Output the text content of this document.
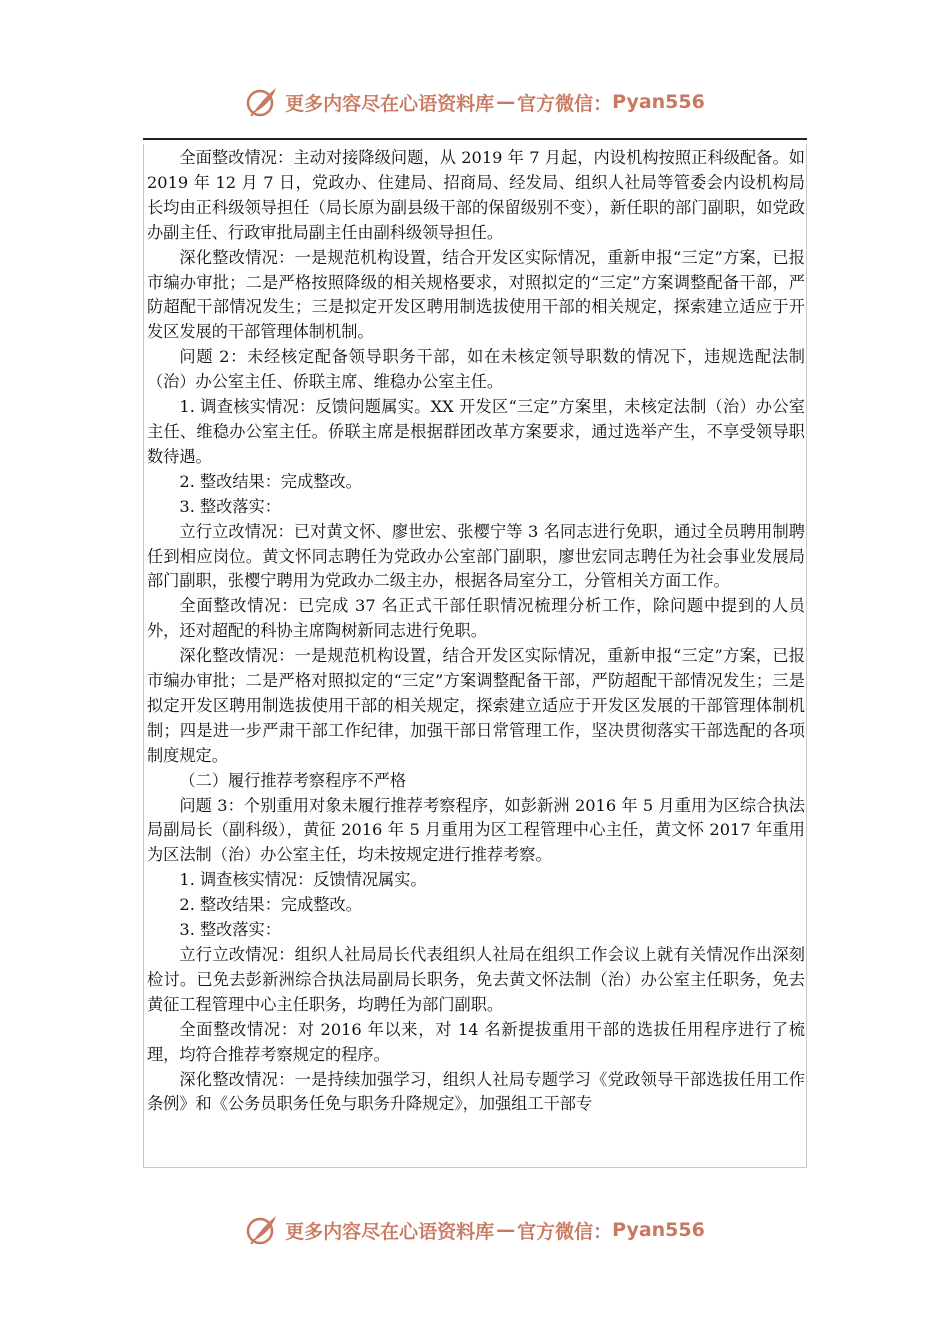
更多内容尽在心语资料库 — 官方微信： Pyan556

全面整改情况：主动对接降级问题，从 2019 年 7 月起，内设机构按照正科级配备。如 2019 年 12 月 7 日，党政办、住建局、招商局、经发局、组织人社局等管委会内设机构局长均由正科级领导担任（局长原为副县级干部的保留级别不变），新任职的部门副职，如党政办副主任、行政审批局副主任由副科级领导担任。

深化整改情况：一是规范机构设置，结合开发区实际情况，重新申报“三定”方案，已报市编办审批；二是严格按照降级的相关规格要求，对照拟定的“三定”方案调整配备干部，严防超配干部情况发生；三是拟定开发区聘用制选拔使用干部的相关规定，探索建立适应于开发区发展的干部管理体制机制。

问题 2：未经核定配备领导职务干部，如在未核定领导职数的情况下，违规选配法制（治）办公室主任、侨联主席、维稳办公室主任。

1. 调查核实情况：反馈问题属实。XX 开发区“三定”方案里，未核定法制（治）办公室主任、维稳办公室主任。侨联主席是根据群团改革方案要求，通过选举产生，不享受领导职数待遇。

2. 整改结果：完成整改。

3. 整改落实：

立行立改情况：已对黄文怀、廖世宏、张樱宁等 3 名同志进行免职，通过全员聘用制聘任到相应岗位。黄文怀同志聘任为党政办公室部门副职，廖世宏同志聘任为社会事业发展局部门副职，张樱宁聘用为党政办二级主办，根据各局室分工，分管相关方面工作。

全面整改情况：已完成 37 名正式干部任职情况梳理分析工作，除问题中提到的人员外，还对超配的科协主席陶树新同志进行免职。

深化整改情况：一是规范机构设置，结合开发区实际情况，重新申报“三定”方案，已报市编办审批；二是严格对照拟定的“三定”方案调整配备干部，严防超配干部情况发生；三是拟定开发区聘用制选拔使用干部的相关规定，探索建立适应于开发区发展的干部管理体制机制；四是进一步严肃干部工作纪律，加强干部日常管理工作，坚决贯彻落实干部选配的各项制度规定。

（二）履行推荐考察程序不严格

问题 3：个别重用对象未履行推荐考察程序，如彭新洲 2016 年 5 月重用为区综合执法局副局长（副科级），黄征 2016 年 5 月重用为区工程管理中心主任，黄文怀 2017 年重用为区法制（治）办公室主任，均未按规定进行推荐考察。

1. 调查核实情况：反馈情况属实。

2. 整改结果：完成整改。

3. 整改落实：

立行立改情况：组织人社局局长代表组织人社局在组织工作会议上就有关情况作出深刻检讨。已免去彭新洲综合执法局副局长职务，免去黄文怀法制（治）办公室主任职务，免去黄征工程管理中心主任职务，均聘任为部门副职。

全面整改情况：对 2016 年以来，对 14 名新提拔重用干部的选拔任用程序进行了梳理，均符合推荐考察规定的程序。

深化整改情况：一是持续加强学习，组织人社局专题学习《党政领导干部选拔任用工作条例》和《公务员职务任免与职务升降规定》，加强组工干部专

更多内容尽在心语资料库 — 官方微信： Pyan556
